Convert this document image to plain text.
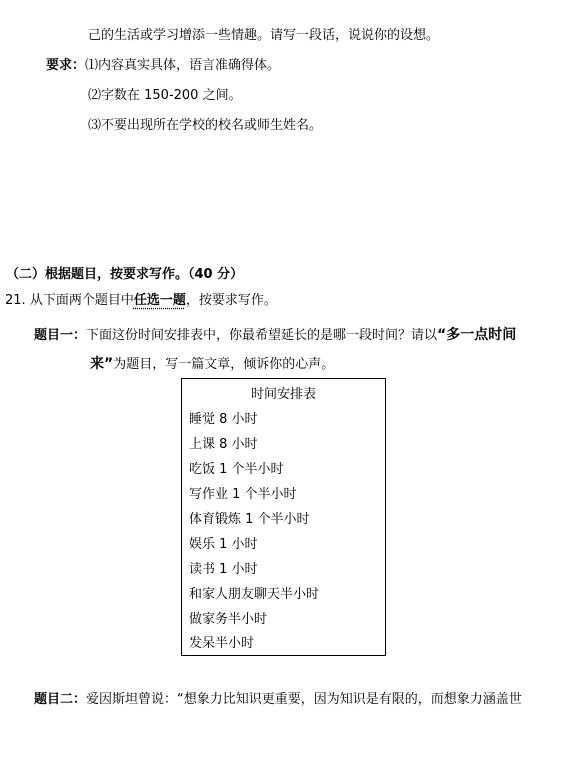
己的生活或学习增添一些情趣。请写一段话，说说你的设想。
要求：⑴内容真实具体，语言准确得体。
⑵字数在 150-200 之间。
⑶不要出现所在学校的校名或师生姓名。
（二）根据题目，按要求写作。（40 分）
21. 从下面两个题目中任选一题，按要求写作。
题目一：下面这份时间安排表中，你最希望延长的是哪一段时间？请以“多一点时间
来”为题目，写一篇文章，倾诉你的心声。
时间安排表
睡觉 8 小时
上课 8 小时
吃饭 1 个半小时
写作业 1 个半小时
体育锻炼 1 个半小时
娱乐 1 小时
读书 1 小时
和家人朋友聊天半小时
做家务半小时
发呆半小时
题目二：爱因斯坦曾说：“想象力比知识更重要，因为知识是有限的，而想象力涵盖世
